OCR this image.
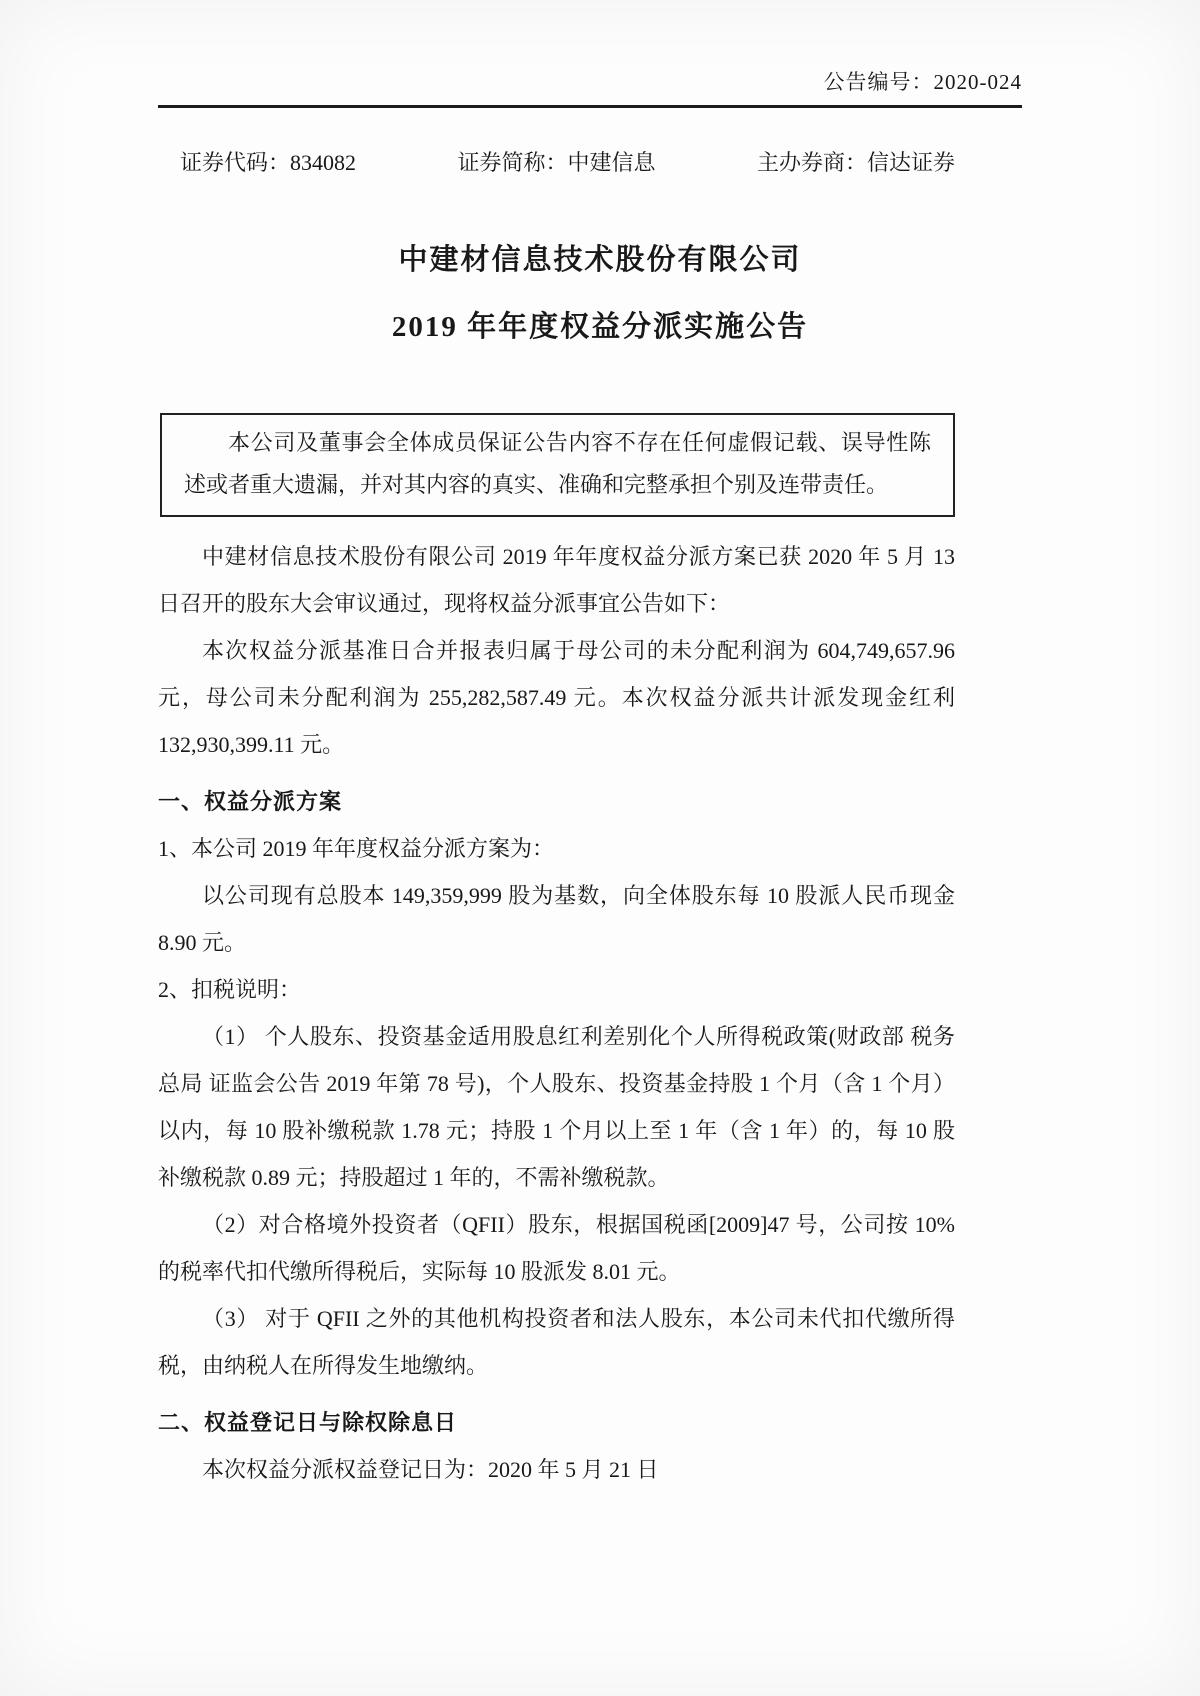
公告编号：2020-024
证券代码：834082	证券简称：中建信息	主办券商：信达证券
中建材信息技术股份有限公司
2019 年年度权益分派实施公告
本公司及董事会全体成员保证公告内容不存在任何虚假记载、误导性陈述或者重大遗漏，并对其内容的真实、准确和完整承担个别及连带责任。

中建材信息技术股份有限公司 2019 年年度权益分派方案已获 2020 年 5 月 13 日召开的股东大会审议通过，现将权益分派事宜公告如下：

本次权益分派基准日合并报表归属于母公司的未分配利润为 604,749,657.96 元，母公司未分配利润为 255,282,587.49 元。本次权益分派共计派发现金红利 132,930,399.11 元。

一、权益分派方案

1、本公司 2019 年年度权益分派方案为：

以公司现有总股本 149,359,999 股为基数，向全体股东每 10 股派人民币现金 8.90 元。

2、扣税说明：

（1） 个人股东、投资基金适用股息红利差别化个人所得税政策(财政部 税务总局 证监会公告 2019 年第 78 号)，个人股东、投资基金持股 1 个月（含 1 个月）以内，每 10 股补缴税款 1.78 元；持股 1 个月以上至 1 年（含 1 年）的，每 10 股补缴税款 0.89 元；持股超过 1 年的，不需补缴税款。

（2）对合格境外投资者（QFII）股东，根据国税函[2009]47 号，公司按 10%的税率代扣代缴所得税后，实际每 10 股派发 8.01 元。

（3） 对于 QFII 之外的其他机构投资者和法人股东，本公司未代扣代缴所得税，由纳税人在所得发生地缴纳。

二、权益登记日与除权除息日

本次权益分派权益登记日为：2020 年 5 月 21 日
